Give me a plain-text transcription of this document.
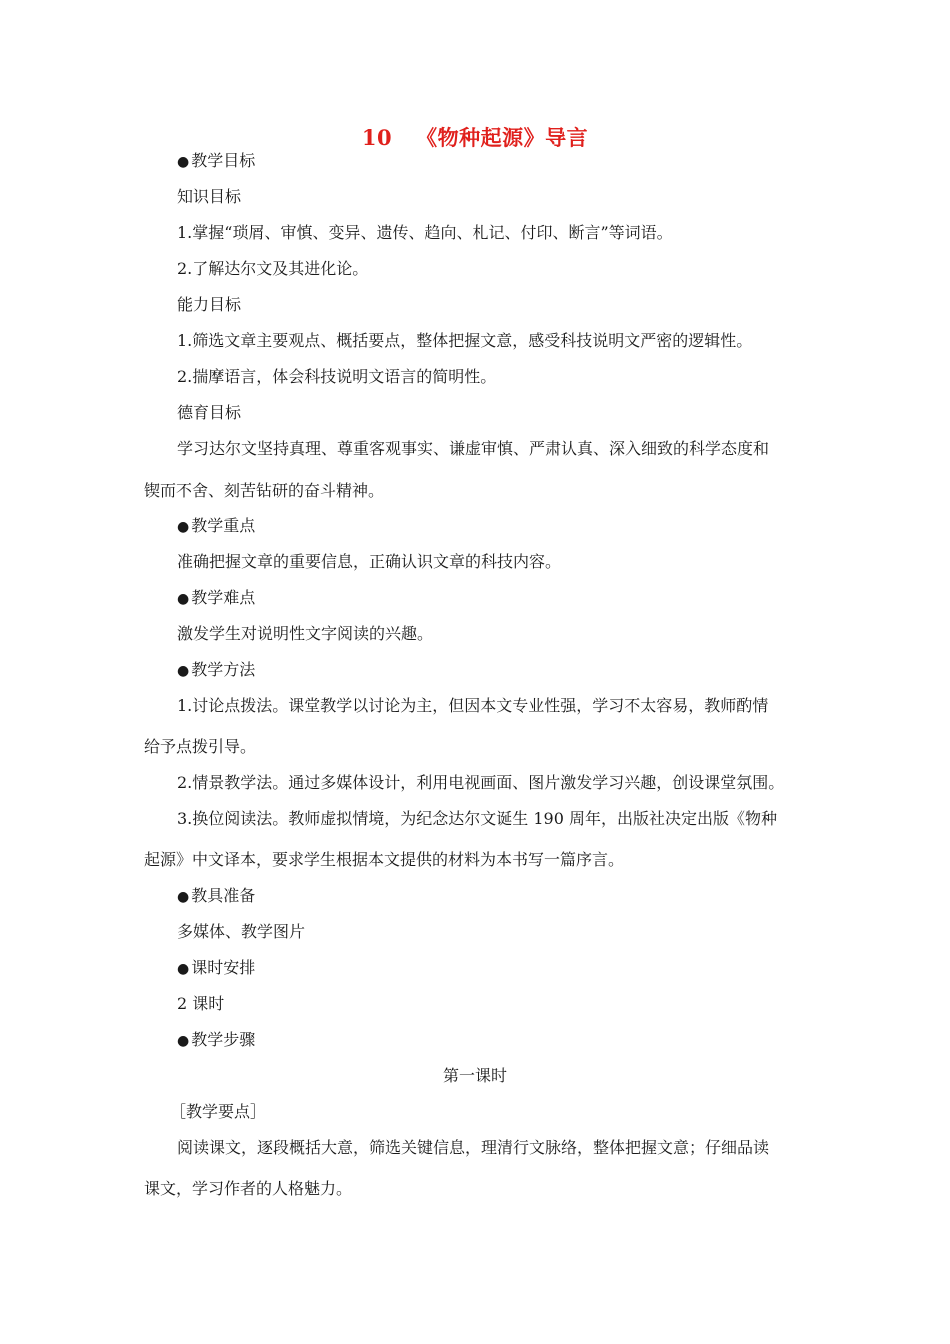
10 《物种起源》导言
● 教学目标
知识目标
1.掌握“琐屑、审慎、变异、遗传、趋向、札记、付印、断言”等词语。
2.了解达尔文及其进化论。
能力目标
1.筛选文章主要观点、概括要点，整体把握文意，感受科技说明文严密的逻辑性。
2.揣摩语言，体会科技说明文语言的简明性。
德育目标
学习达尔文坚持真理、尊重客观事实、谦虚审慎、严肃认真、深入细致的科学态度和
锲而不舍、刻苦钻研的奋斗精神。
● 教学重点
准确把握文章的重要信息，正确认识文章的科技内容。
● 教学难点
激发学生对说明性文字阅读的兴趣。
● 教学方法
1.讨论点拨法。课堂教学以讨论为主，但因本文专业性强，学习不太容易，教师酌情
给予点拨引导。
2.情景教学法。通过多媒体设计，利用电视画面、图片激发学习兴趣，创设课堂氛围。
3.换位阅读法。教师虚拟情境，为纪念达尔文诞生 190 周年，出版社决定出版《物种
起源》中文译本，要求学生根据本文提供的材料为本书写一篇序言。
● 教具准备
多媒体、教学图片
● 课时安排
2 课时
● 教学步骤
第一课时
［教学要点］
阅读课文，逐段概括大意，筛选关键信息，理清行文脉络，整体把握文意；仔细品读
课文，学习作者的人格魅力。
